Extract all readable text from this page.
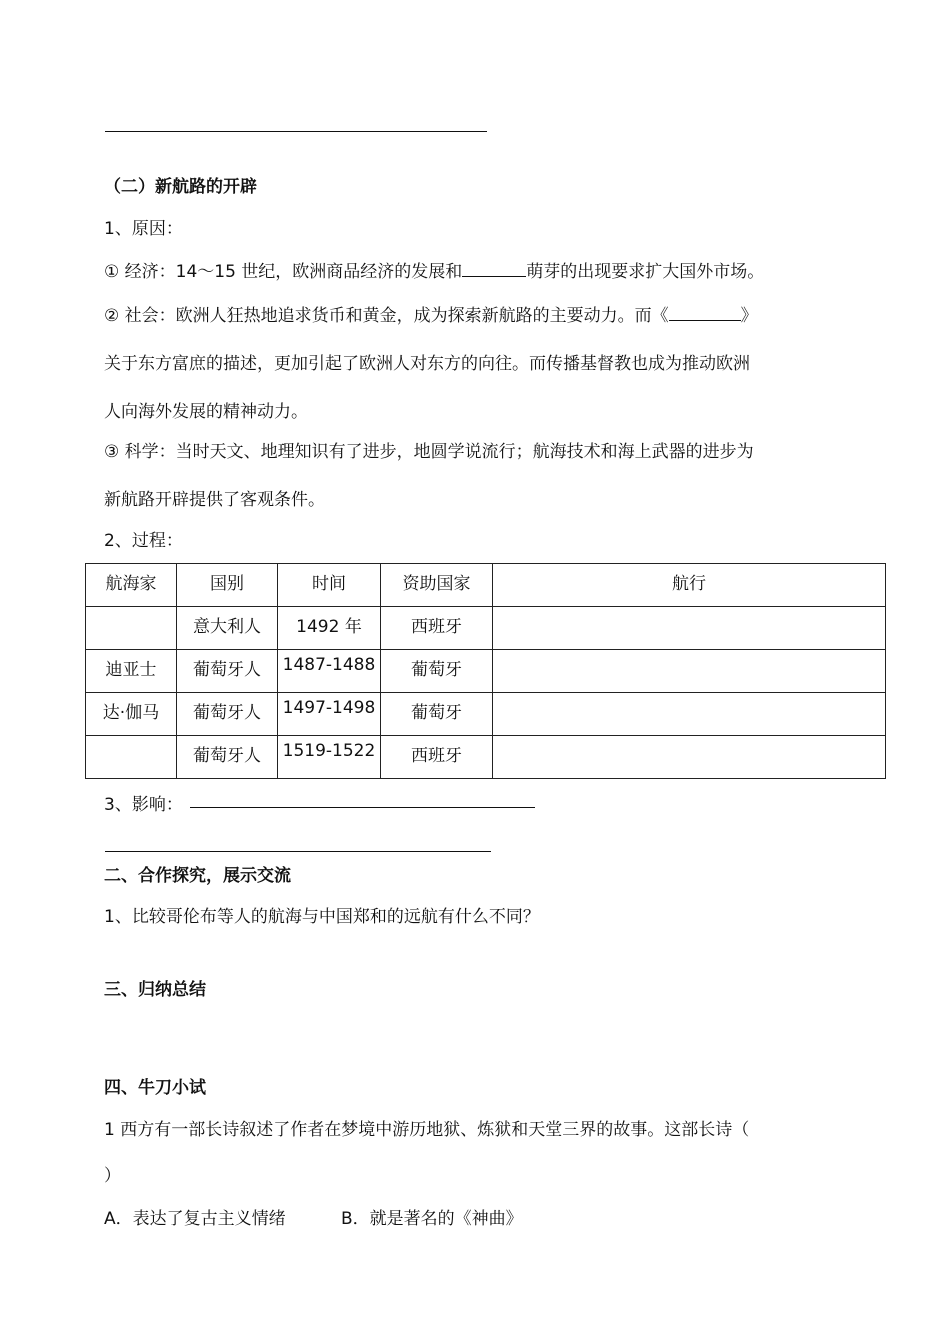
（二）新航路的开辟
1、原因：
① 经济：14～15 世纪，欧洲商品经济的发展和	萌芽的出现要求扩大国外市场。
② 社会：欧洲人狂热地追求货币和黄金，成为探索新航路的主要动力。而《	》
关于东方富庶的描述，更加引起了欧洲人对东方的向往。而传播基督教也成为推动欧洲
人向海外发展的精神动力。
③ 科学：当时天文、地理知识有了进步，地圆学说流行；航海技术和海上武器的进步为
新航路开辟提供了客观条件。
2、过程：
航海家	国别	时间	资助国家	航行
	意大利人	1492 年	西班牙	
迪亚士	葡萄牙人	1487-1488	葡萄牙	
达·伽马	葡萄牙人	1497-1498	葡萄牙	
	葡萄牙人	1519-1522	西班牙	
3、影响：
二、合作探究，展示交流
1、比较哥伦布等人的航海与中国郑和的远航有什么不同？
三、归纳总结
四、牛刀小试
1 西方有一部长诗叙述了作者在梦境中游历地狱、炼狱和天堂三界的故事。这部长诗（
）
A．表达了复古主义情绪	B．就是著名的《神曲》
